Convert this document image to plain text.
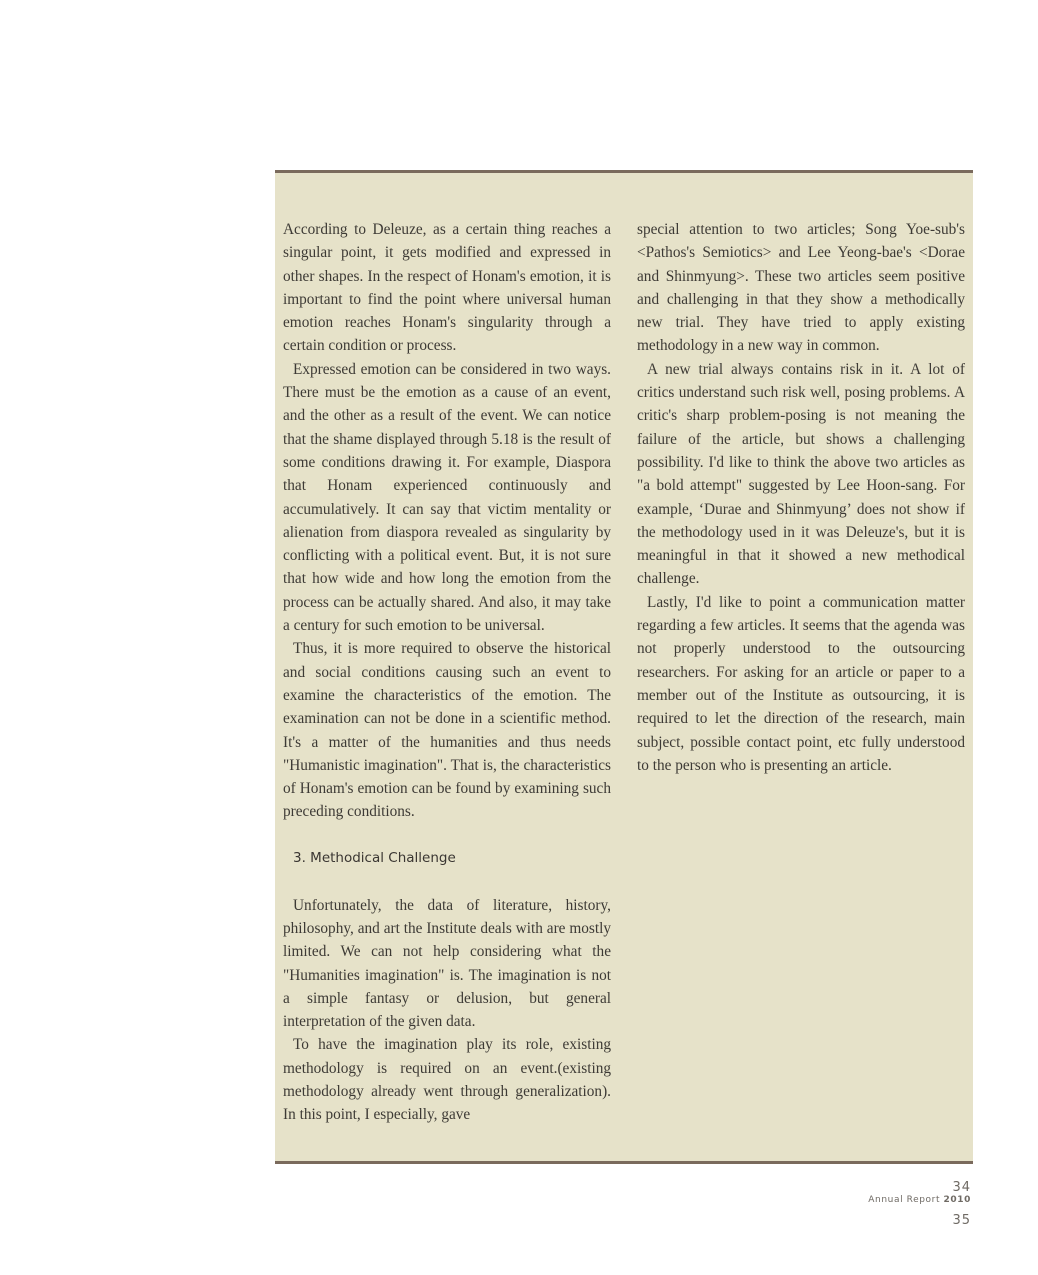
According to Deleuze, as a certain thing reaches a singular point, it gets modified and expressed in other shapes. In the respect of Honam's emotion, it is important to find the point where universal human emotion reaches Honam's singularity through a certain condition or process.

Expressed emotion can be considered in two ways. There must be the emotion as a cause of an event, and the other as a result of the event. We can notice that the shame displayed through 5.18 is the result of some conditions drawing it. For example, Diaspora that Honam experienced continuously and accumulatively. It can say that victim mentality or alienation from diaspora revealed as singularity by conflicting with a political event. But, it is not sure that how wide and how long the emotion from the process can be actually shared. And also, it may take a century for such emotion to be universal.

Thus, it is more required to observe the historical and social conditions causing such an event to examine the characteristics of the emotion. The examination can not be done in a scientific method. It's a matter of the humanities and thus needs "Humanistic imagination". That is, the characteristics of Honam's emotion can be found by examining such preceding conditions.

3. Methodical Challenge

Unfortunately, the data of literature, history, philosophy, and art the Institute deals with are mostly limited. We can not help considering what the "Humanities imagination" is. The imagination is not a simple fantasy or delusion, but general interpretation of the given data.

To have the imagination play its role, existing methodology is required on an event.(existing methodology already went through generalization). In this point, I especially, gave

special attention to two articles; Song Yoe-sub's <Pathos's Semiotics> and Lee Yeong-bae's <Dorae and Shinmyung>. These two articles seem positive and challenging in that they show a methodically new trial. They have tried to apply existing methodology in a new way in common.

A new trial always contains risk in it. A lot of critics understand such risk well, posing problems. A critic's sharp problem-posing is not meaning the failure of the article, but shows a challenging possibility. I'd like to think the above two articles as "a bold attempt" suggested by Lee Hoon-sang. For example, ‘Durae and Shinmyung’ does not show if the methodology used in it was Deleuze's, but it is meaningful in that it showed a new methodical challenge.

Lastly, I'd like to point a communication matter regarding a few articles. It seems that the agenda was not properly understood to the outsourcing researchers. For asking for an article or paper to a member out of the Institute as outsourcing, it is required to let the direction of the research, main subject, possible contact point, etc fully understood to the person who is presenting an article.

34
Annual Report 2010
35
